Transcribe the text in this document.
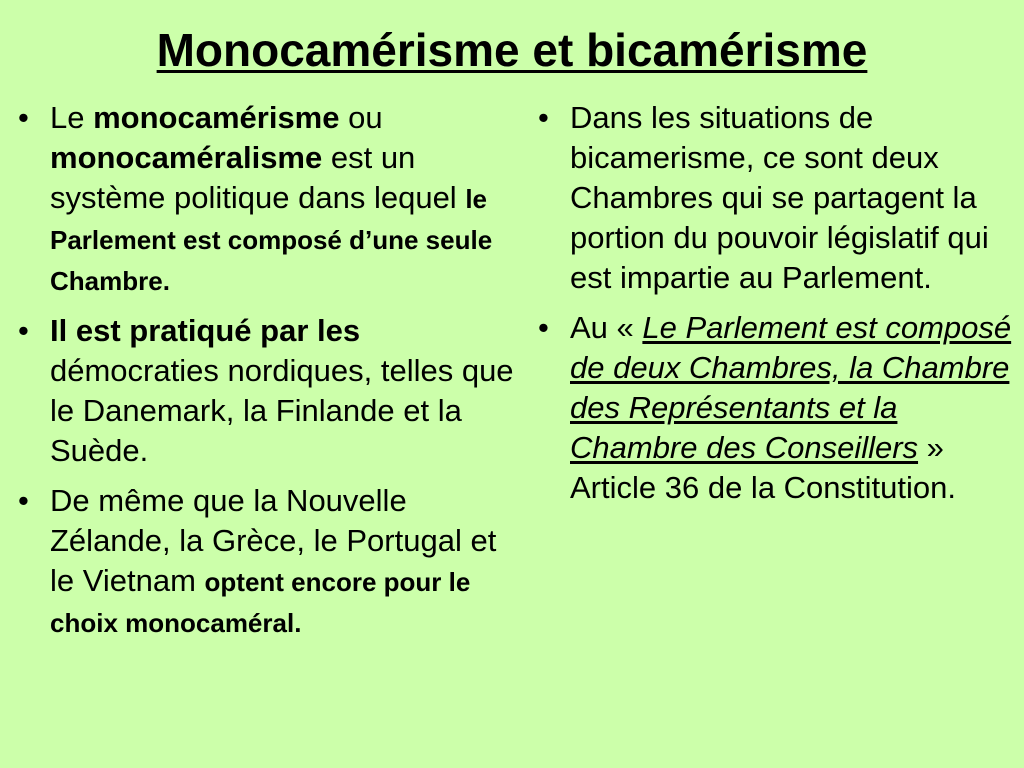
Monocamérisme et bicamérisme
• Le monocamérisme ou monocaméralisme est un système politique dans lequel le Parlement est composé d’une seule Chambre.
• Il est pratiqué par les démocraties nordiques, telles que le Danemark, la Finlande et la Suède.
• De même que la Nouvelle Zélande, la Grèce, le Portugal et le Vietnam optent encore pour le choix monocaméral.
• Dans les situations de bicamerisme, ce sont deux Chambres qui se partagent la portion du pouvoir législatif qui est impartie au Parlement.
• Au « Le Parlement est composé de deux Chambres, la Chambre des Représentants et la Chambre des Conseillers » Article 36 de la Constitution.
